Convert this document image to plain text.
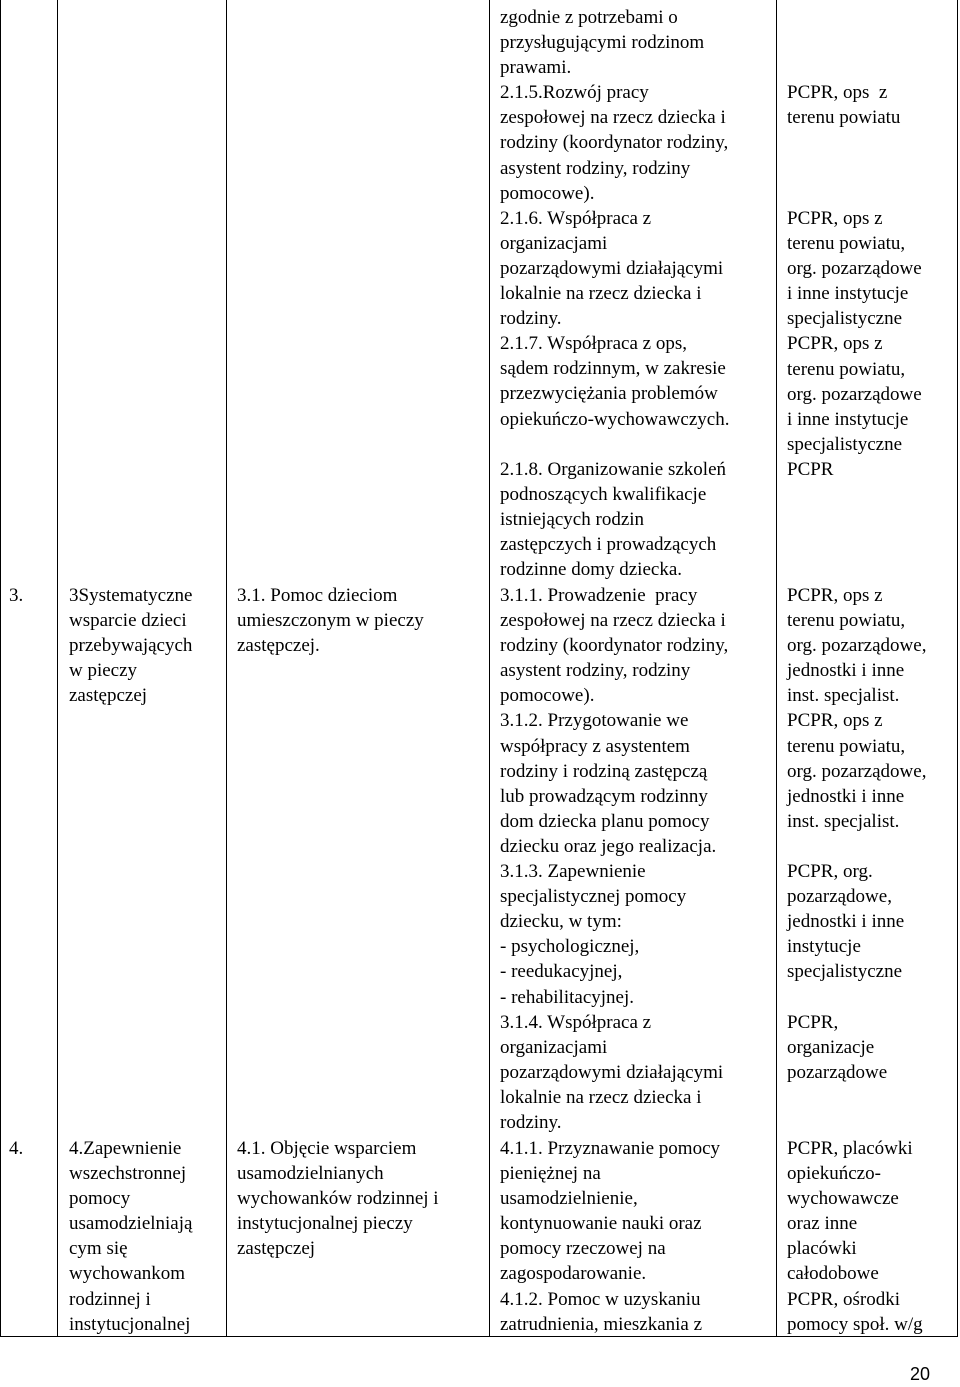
3. 3Systematyczne
wsparcie dzieci
przebywających
w pieczy
zastępczej
3.1. Pomoc dzieciom
umieszczonym w pieczy
zastępczej.
4. 4.Zapewnienie
wszechstronnej
pomocy
usamodzielniają
cym się
wychowankom
rodzinnej i
instytucjonalnej
4.1. Objęcie wsparciem
usamodzielnianych
wychowanków rodzinnej i
instytucjonalnej pieczy
zastępczej
zgodnie z potrzebami o
przysługującymi rodzinom
prawami.
2.1.5.Rozwój pracy
zespołowej na rzecz dziecka i
rodziny (koordynator rodziny,
asystent rodziny, rodziny
pomocowe).
2.1.6. Współpraca z
organizacjami
pozarządowymi działającymi
lokalnie na rzecz dziecka i
rodziny.
2.1.7. Współpraca z ops,
sądem rodzinnym, w zakresie
przezwyciężania problemów
opiekuńczo-wychowawczych.
2.1.8. Organizowanie szkoleń
podnoszących kwalifikacje
istniejących rodzin
zastępczych i prowadzących
rodzinne domy dziecka.
3.1.1. Prowadzenie  pracy
zespołowej na rzecz dziecka i
rodziny (koordynator rodziny,
asystent rodziny, rodziny
pomocowe).
3.1.2. Przygotowanie we
współpracy z asystentem
rodziny i rodziną zastępczą
lub prowadzącym rodzinny
dom dziecka planu pomocy
dziecku oraz jego realizacja.
3.1.3. Zapewnienie
specjalistycznej pomocy
dziecku, w tym:
- psychologicznej,
- reedukacyjnej,
- rehabilitacyjnej.
3.1.4. Współpraca z
organizacjami
pozarządowymi działającymi
lokalnie na rzecz dziecka i
rodziny.
4.1.1. Przyznawanie pomocy
pieniężnej na
usamodzielnienie,
kontynuowanie nauki oraz
pomocy rzeczowej na
zagospodarowanie.
4.1.2. Pomoc w uzyskaniu
zatrudnienia, mieszkania z
PCPR, ops  z
terenu powiatu
PCPR, ops z
terenu powiatu,
org. pozarządowe
i inne instytucje
specjalistyczne
PCPR, ops z
terenu powiatu,
org. pozarządowe
i inne instytucje
specjalistyczne
PCPR
PCPR, ops z
terenu powiatu,
org. pozarządowe,
jednostki i inne
inst. specjalist.
PCPR, ops z
terenu powiatu,
org. pozarządowe,
jednostki i inne
inst. specjalist.
PCPR, org.
pozarządowe,
jednostki i inne
instytucje
specjalistyczne
PCPR,
organizacje
pozarządowe
PCPR, placówki
opiekuńczo-
wychowawcze
oraz inne
placówki
całodobowe
PCPR, ośrodki
pomocy społ. w/g
20
